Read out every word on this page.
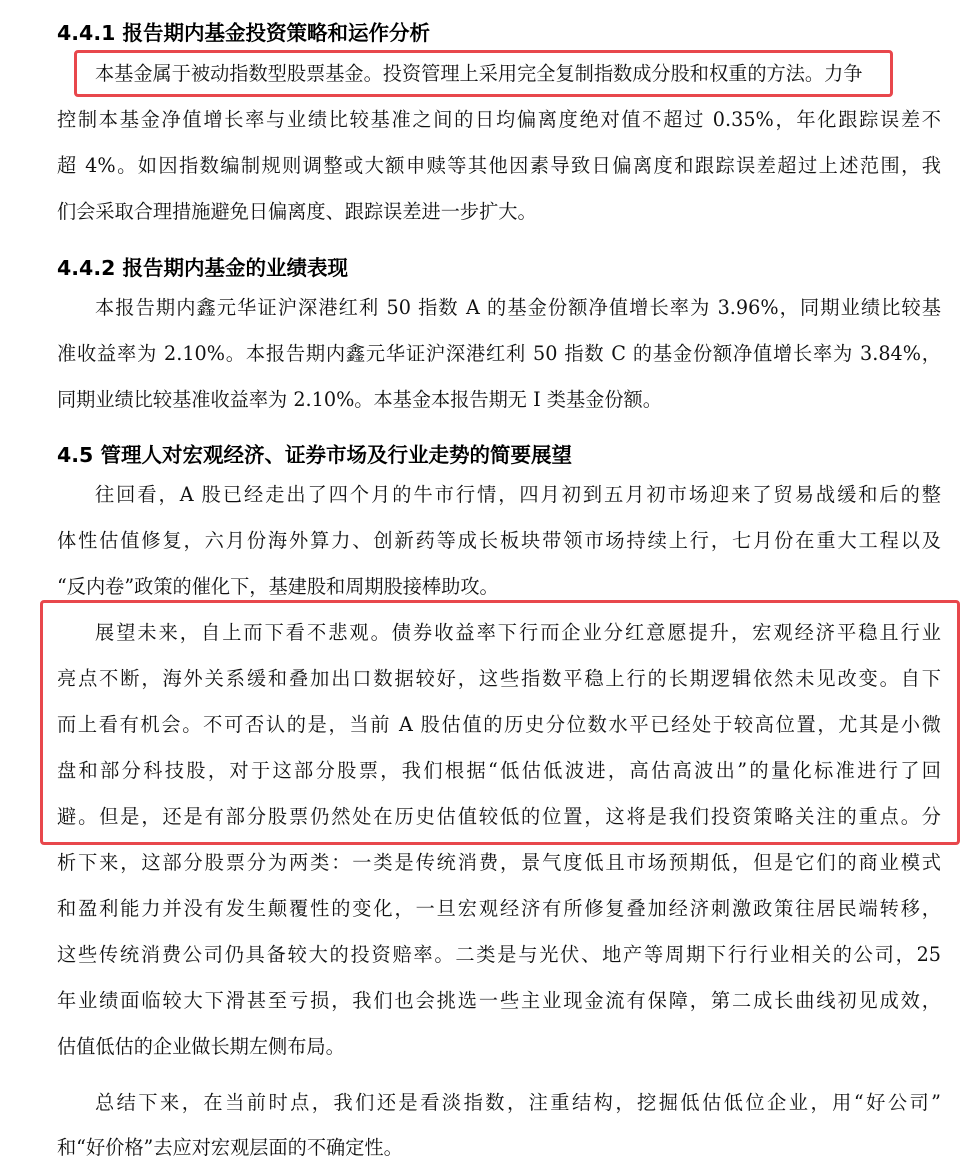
4.4.1 报告期内基金投资策略和运作分析

本基金属于被动指数型股票基金。投资管理上采用完全复制指数成分股和权重的方法。力争

控制本基金净值增长率与业绩比较基准之间的日均偏离度绝对值不超过 0.35%，年化跟踪误差不

超 4%。如因指数编制规则调整或大额申赎等其他因素导致日偏离度和跟踪误差超过上述范围，我

们会采取合理措施避免日偏离度、跟踪误差进一步扩大。

4.4.2 报告期内基金的业绩表现

本报告期内鑫元华证沪深港红利 50 指数 A 的基金份额净值增长率为 3.96%，同期业绩比较基

准收益率为 2.10%。本报告期内鑫元华证沪深港红利 50 指数 C 的基金份额净值增长率为 3.84%，

同期业绩比较基准收益率为 2.10%。本基金本报告期无 I 类基金份额。

4.5 管理人对宏观经济、证券市场及行业走势的简要展望

往回看，A 股已经走出了四个月的牛市行情，四月初到五月初市场迎来了贸易战缓和后的整

体性估值修复，六月份海外算力、创新药等成长板块带领市场持续上行，七月份在重大工程以及

“反内卷”政策的催化下，基建股和周期股接棒助攻。

展望未来，自上而下看不悲观。债券收益率下行而企业分红意愿提升，宏观经济平稳且行业

亮点不断，海外关系缓和叠加出口数据较好，这些指数平稳上行的长期逻辑依然未见改变。自下

而上看有机会。不可否认的是，当前 A 股估值的历史分位数水平已经处于较高位置，尤其是小微

盘和部分科技股，对于这部分股票，我们根据“低估低波进，高估高波出”的量化标准进行了回

避。但是，还是有部分股票仍然处在历史估值较低的位置，这将是我们投资策略关注的重点。分

析下来，这部分股票分为两类：一类是传统消费，景气度低且市场预期低，但是它们的商业模式

和盈利能力并没有发生颠覆性的变化，一旦宏观经济有所修复叠加经济刺激政策往居民端转移，

这些传统消费公司仍具备较大的投资赔率。二类是与光伏、地产等周期下行行业相关的公司，25

年业绩面临较大下滑甚至亏损，我们也会挑选一些主业现金流有保障，第二成长曲线初见成效，

估值低估的企业做长期左侧布局。

总结下来，在当前时点，我们还是看淡指数，注重结构，挖掘低估低位企业，用“好公司”

和“好价格”去应对宏观层面的不确定性。
